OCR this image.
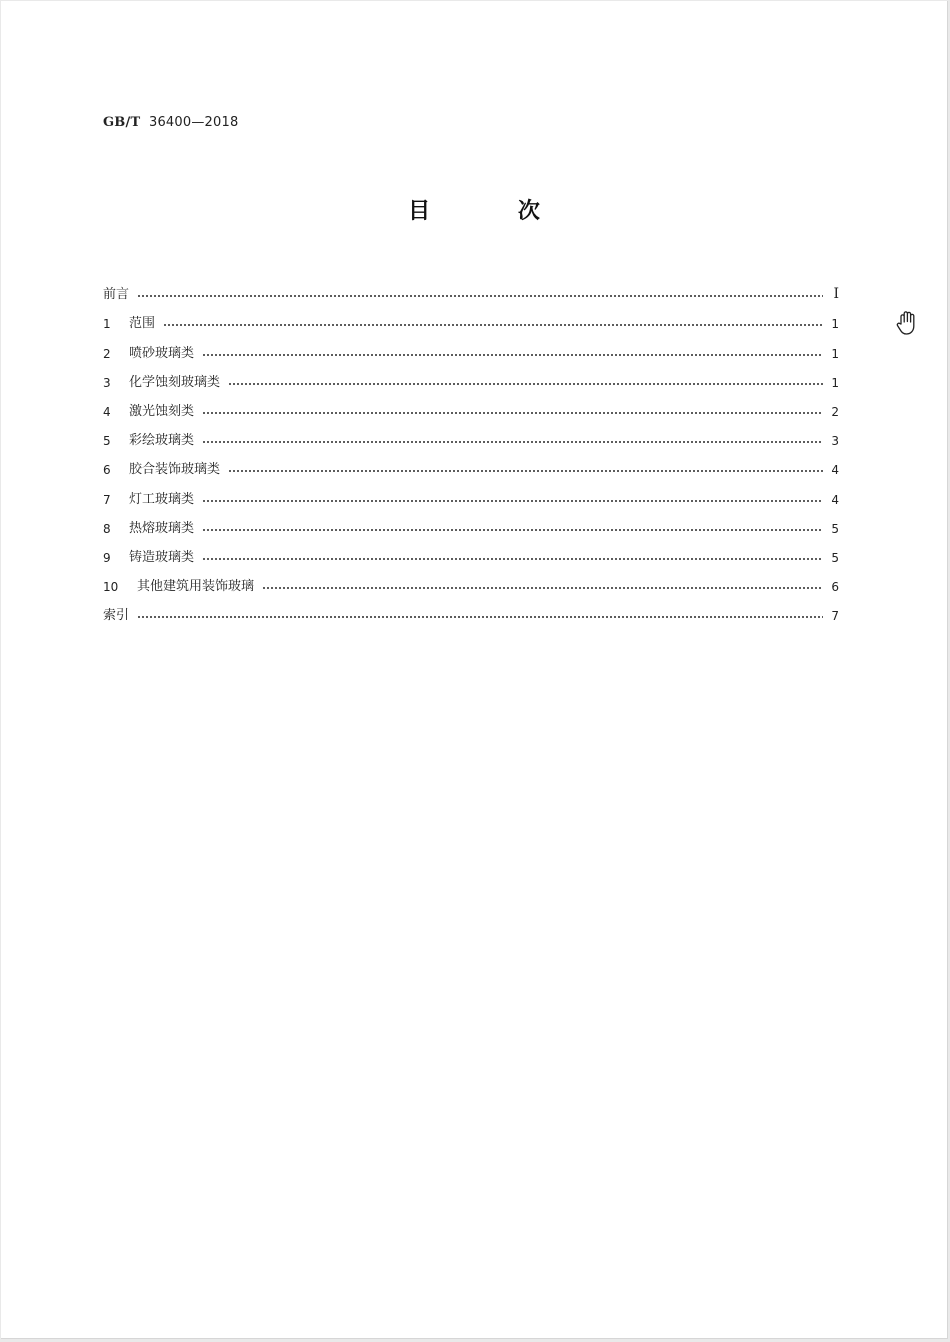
GB/T 36400—2018
目 次
前言	I
1	范围	1
2	喷砂玻璃类	1
3	化学蚀刻玻璃类	1
4	激光蚀刻类	2
5	彩绘玻璃类	3
6	胶合装饰玻璃类	4
7	灯工玻璃类	4
8	热熔玻璃类	5
9	铸造玻璃类	5
10	其他建筑用装饰玻璃	6
索引	7
